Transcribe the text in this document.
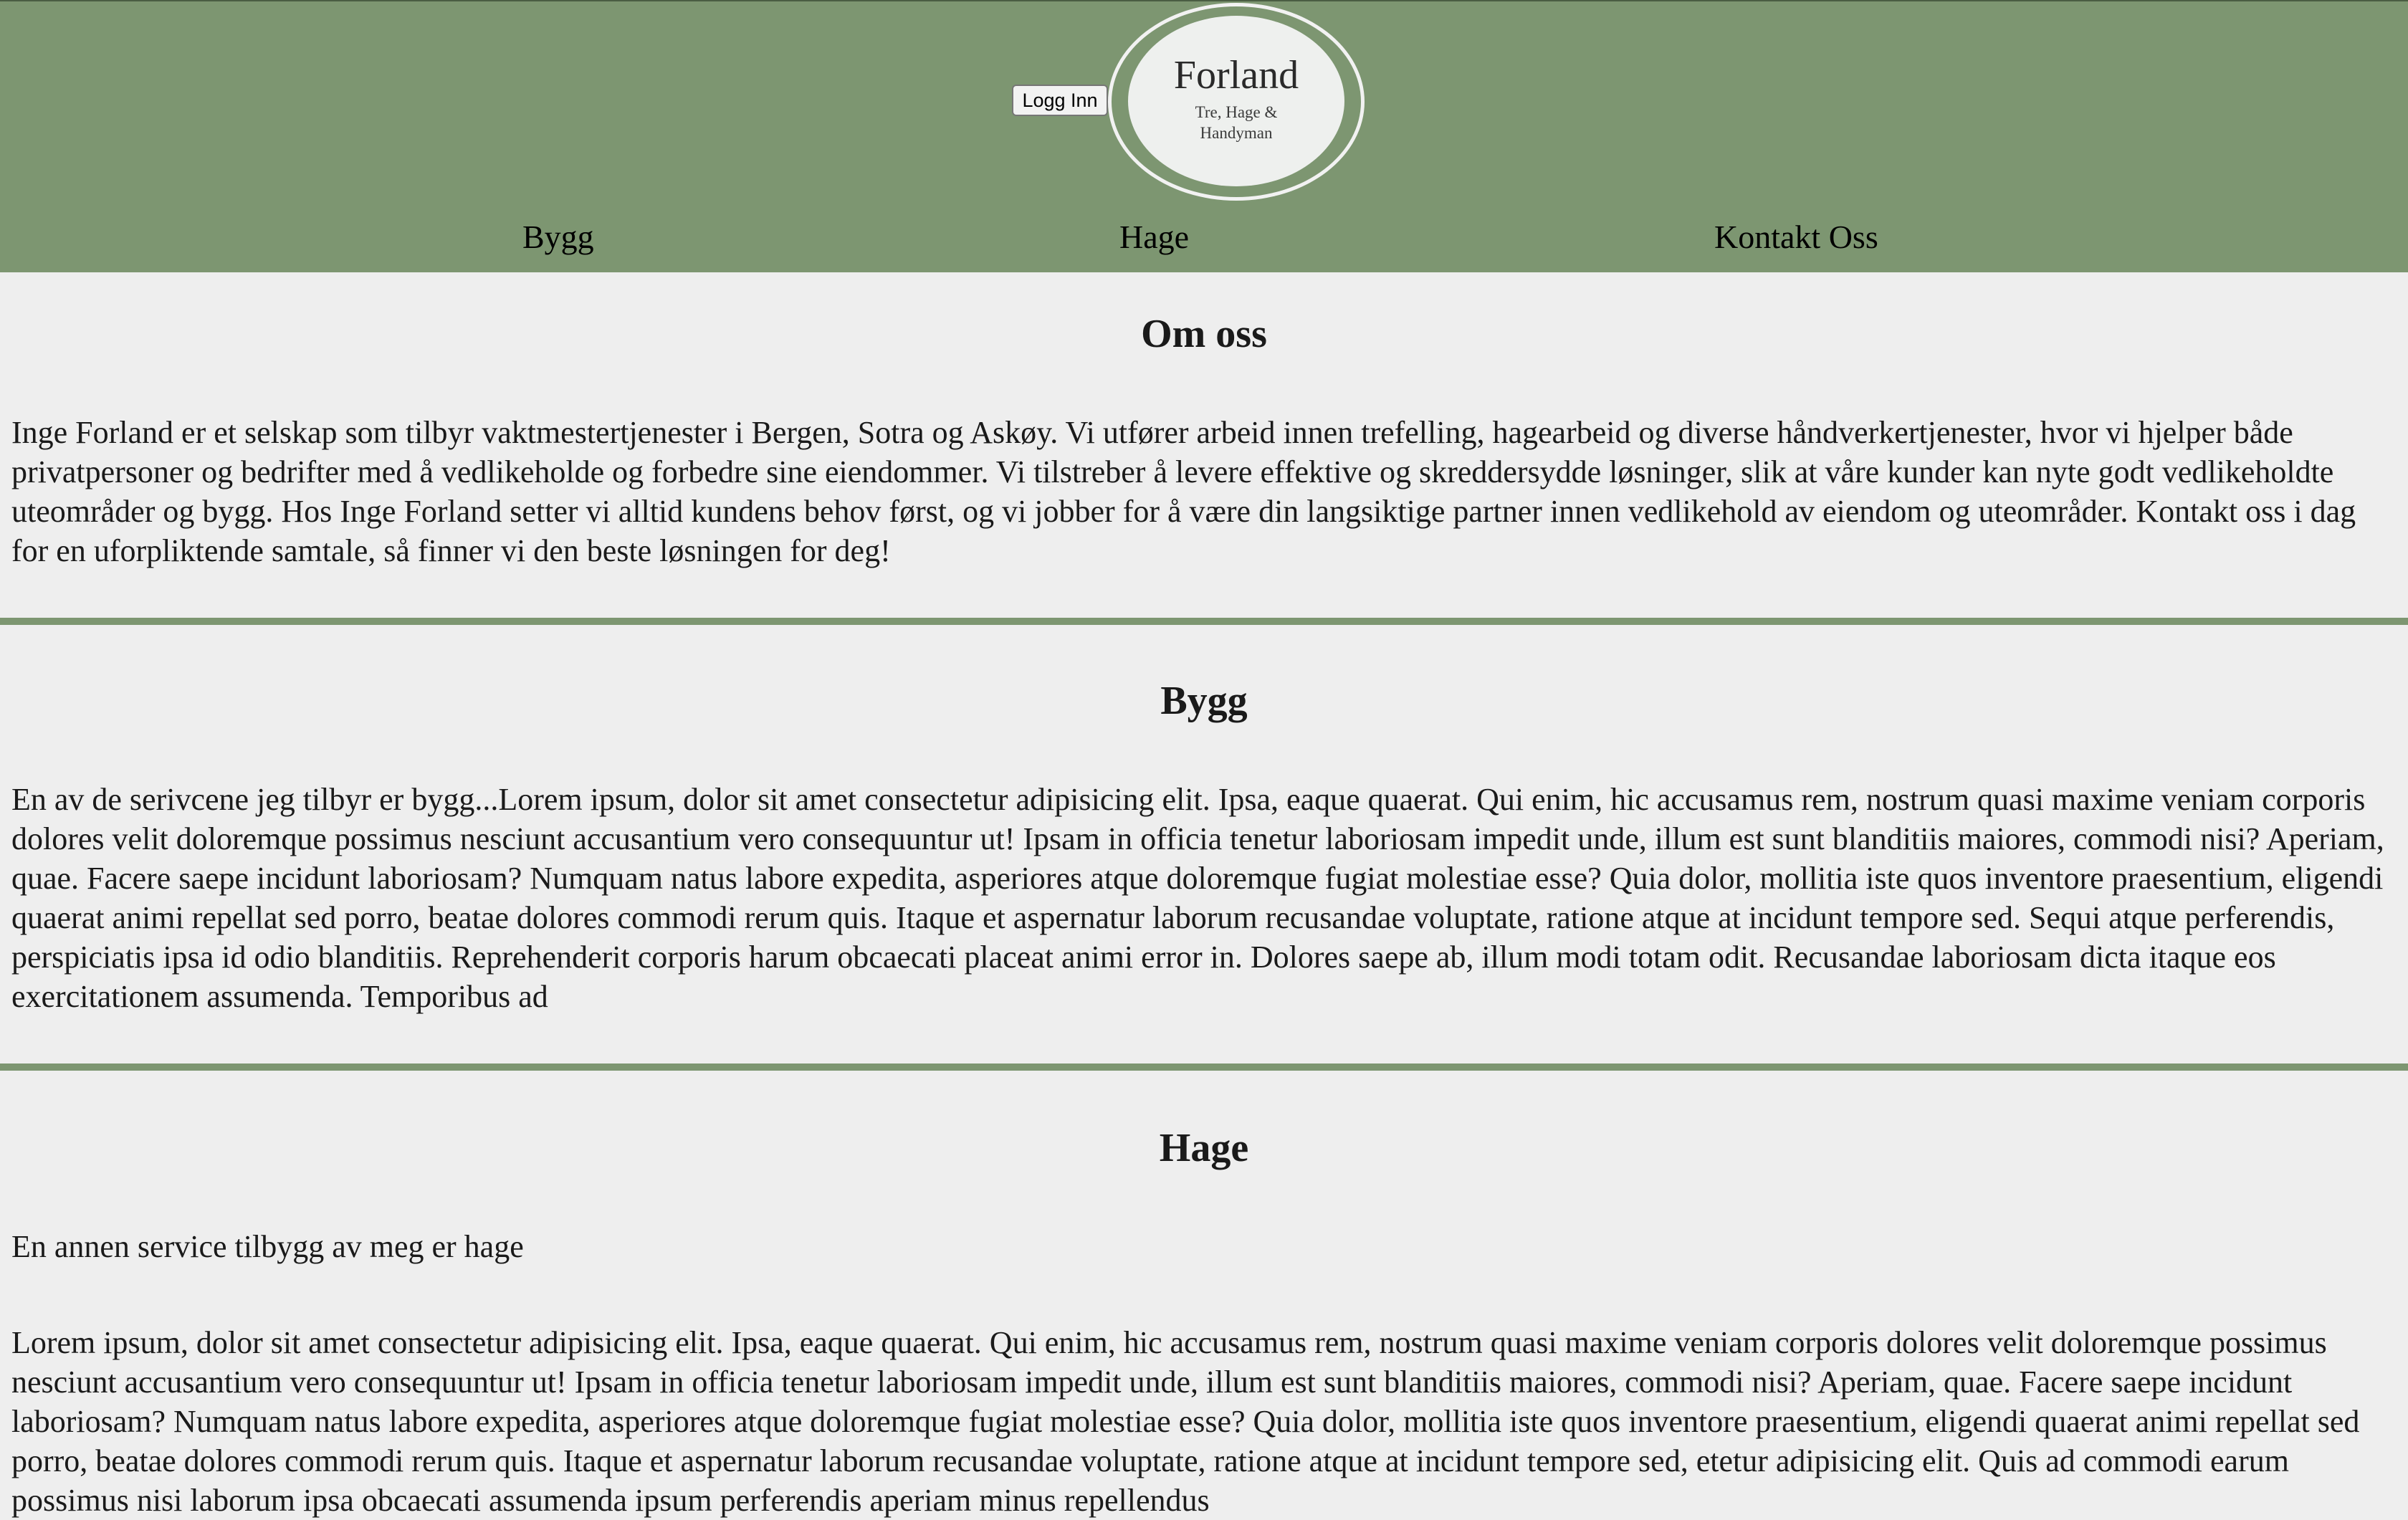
Logg Inn
Forland
Tre, Hage & Handyman
Bygg	Hage	Kontakt Oss
Om oss

Inge Forland er et selskap som tilbyr vaktmestertjenester i Bergen, Sotra og Askøy. Vi utfører arbeid innen trefelling, hagearbeid og diverse håndverkertjenester, hvor vi hjelper både privatpersoner og bedrifter med å vedlikeholde og forbedre sine eiendommer. Vi tilstreber å levere effektive og skreddersydde løsninger, slik at våre kunder kan nyte godt vedlikeholdte uteområder og bygg. Hos Inge Forland setter vi alltid kundens behov først, og vi jobber for å være din langsiktige partner innen vedlikehold av eiendom og uteområder. Kontakt oss i dag for en uforpliktende samtale, så finner vi den beste løsningen for deg!

Bygg

En av de serivcene jeg tilbyr er bygg...Lorem ipsum, dolor sit amet consectetur adipisicing elit. Ipsa, eaque quaerat. Qui enim, hic accusamus rem, nostrum quasi maxime veniam corporis dolores velit doloremque possimus nesciunt accusantium vero consequuntur ut! Ipsam in officia tenetur laboriosam impedit unde, illum est sunt blanditiis maiores, commodi nisi? Aperiam, quae. Facere saepe incidunt laboriosam? Numquam natus labore expedita, asperiores atque doloremque fugiat molestiae esse? Quia dolor, mollitia iste quos inventore praesentium, eligendi quaerat animi repellat sed porro, beatae dolores commodi rerum quis. Itaque et aspernatur laborum recusandae voluptate, ratione atque at incidunt tempore sed. Sequi atque perferendis, perspiciatis ipsa id odio blanditiis. Reprehenderit corporis harum obcaecati placeat animi error in. Dolores saepe ab, illum modi totam odit. Recusandae laboriosam dicta itaque eos exercitationem assumenda. Temporibus ad

Hage

En annen service tilbygg av meg er hage

Lorem ipsum, dolor sit amet consectetur adipisicing elit. Ipsa, eaque quaerat. Qui enim, hic accusamus rem, nostrum quasi maxime veniam corporis dolores velit doloremque possimus nesciunt accusantium vero consequuntur ut! Ipsam in officia tenetur laboriosam impedit unde, illum est sunt blanditiis maiores, commodi nisi? Aperiam, quae. Facere saepe incidunt laboriosam? Numquam natus labore expedita, asperiores atque doloremque fugiat molestiae esse? Quia dolor, mollitia iste quos inventore praesentium, eligendi quaerat animi repellat sed porro, beatae dolores commodi rerum quis. Itaque et aspernatur laborum recusandae voluptate, ratione atque at incidunt tempore sed, etetur adipisicing elit. Quis ad commodi earum possimus nisi laborum ipsa obcaecati assumenda ipsum perferendis aperiam minus repellendus
